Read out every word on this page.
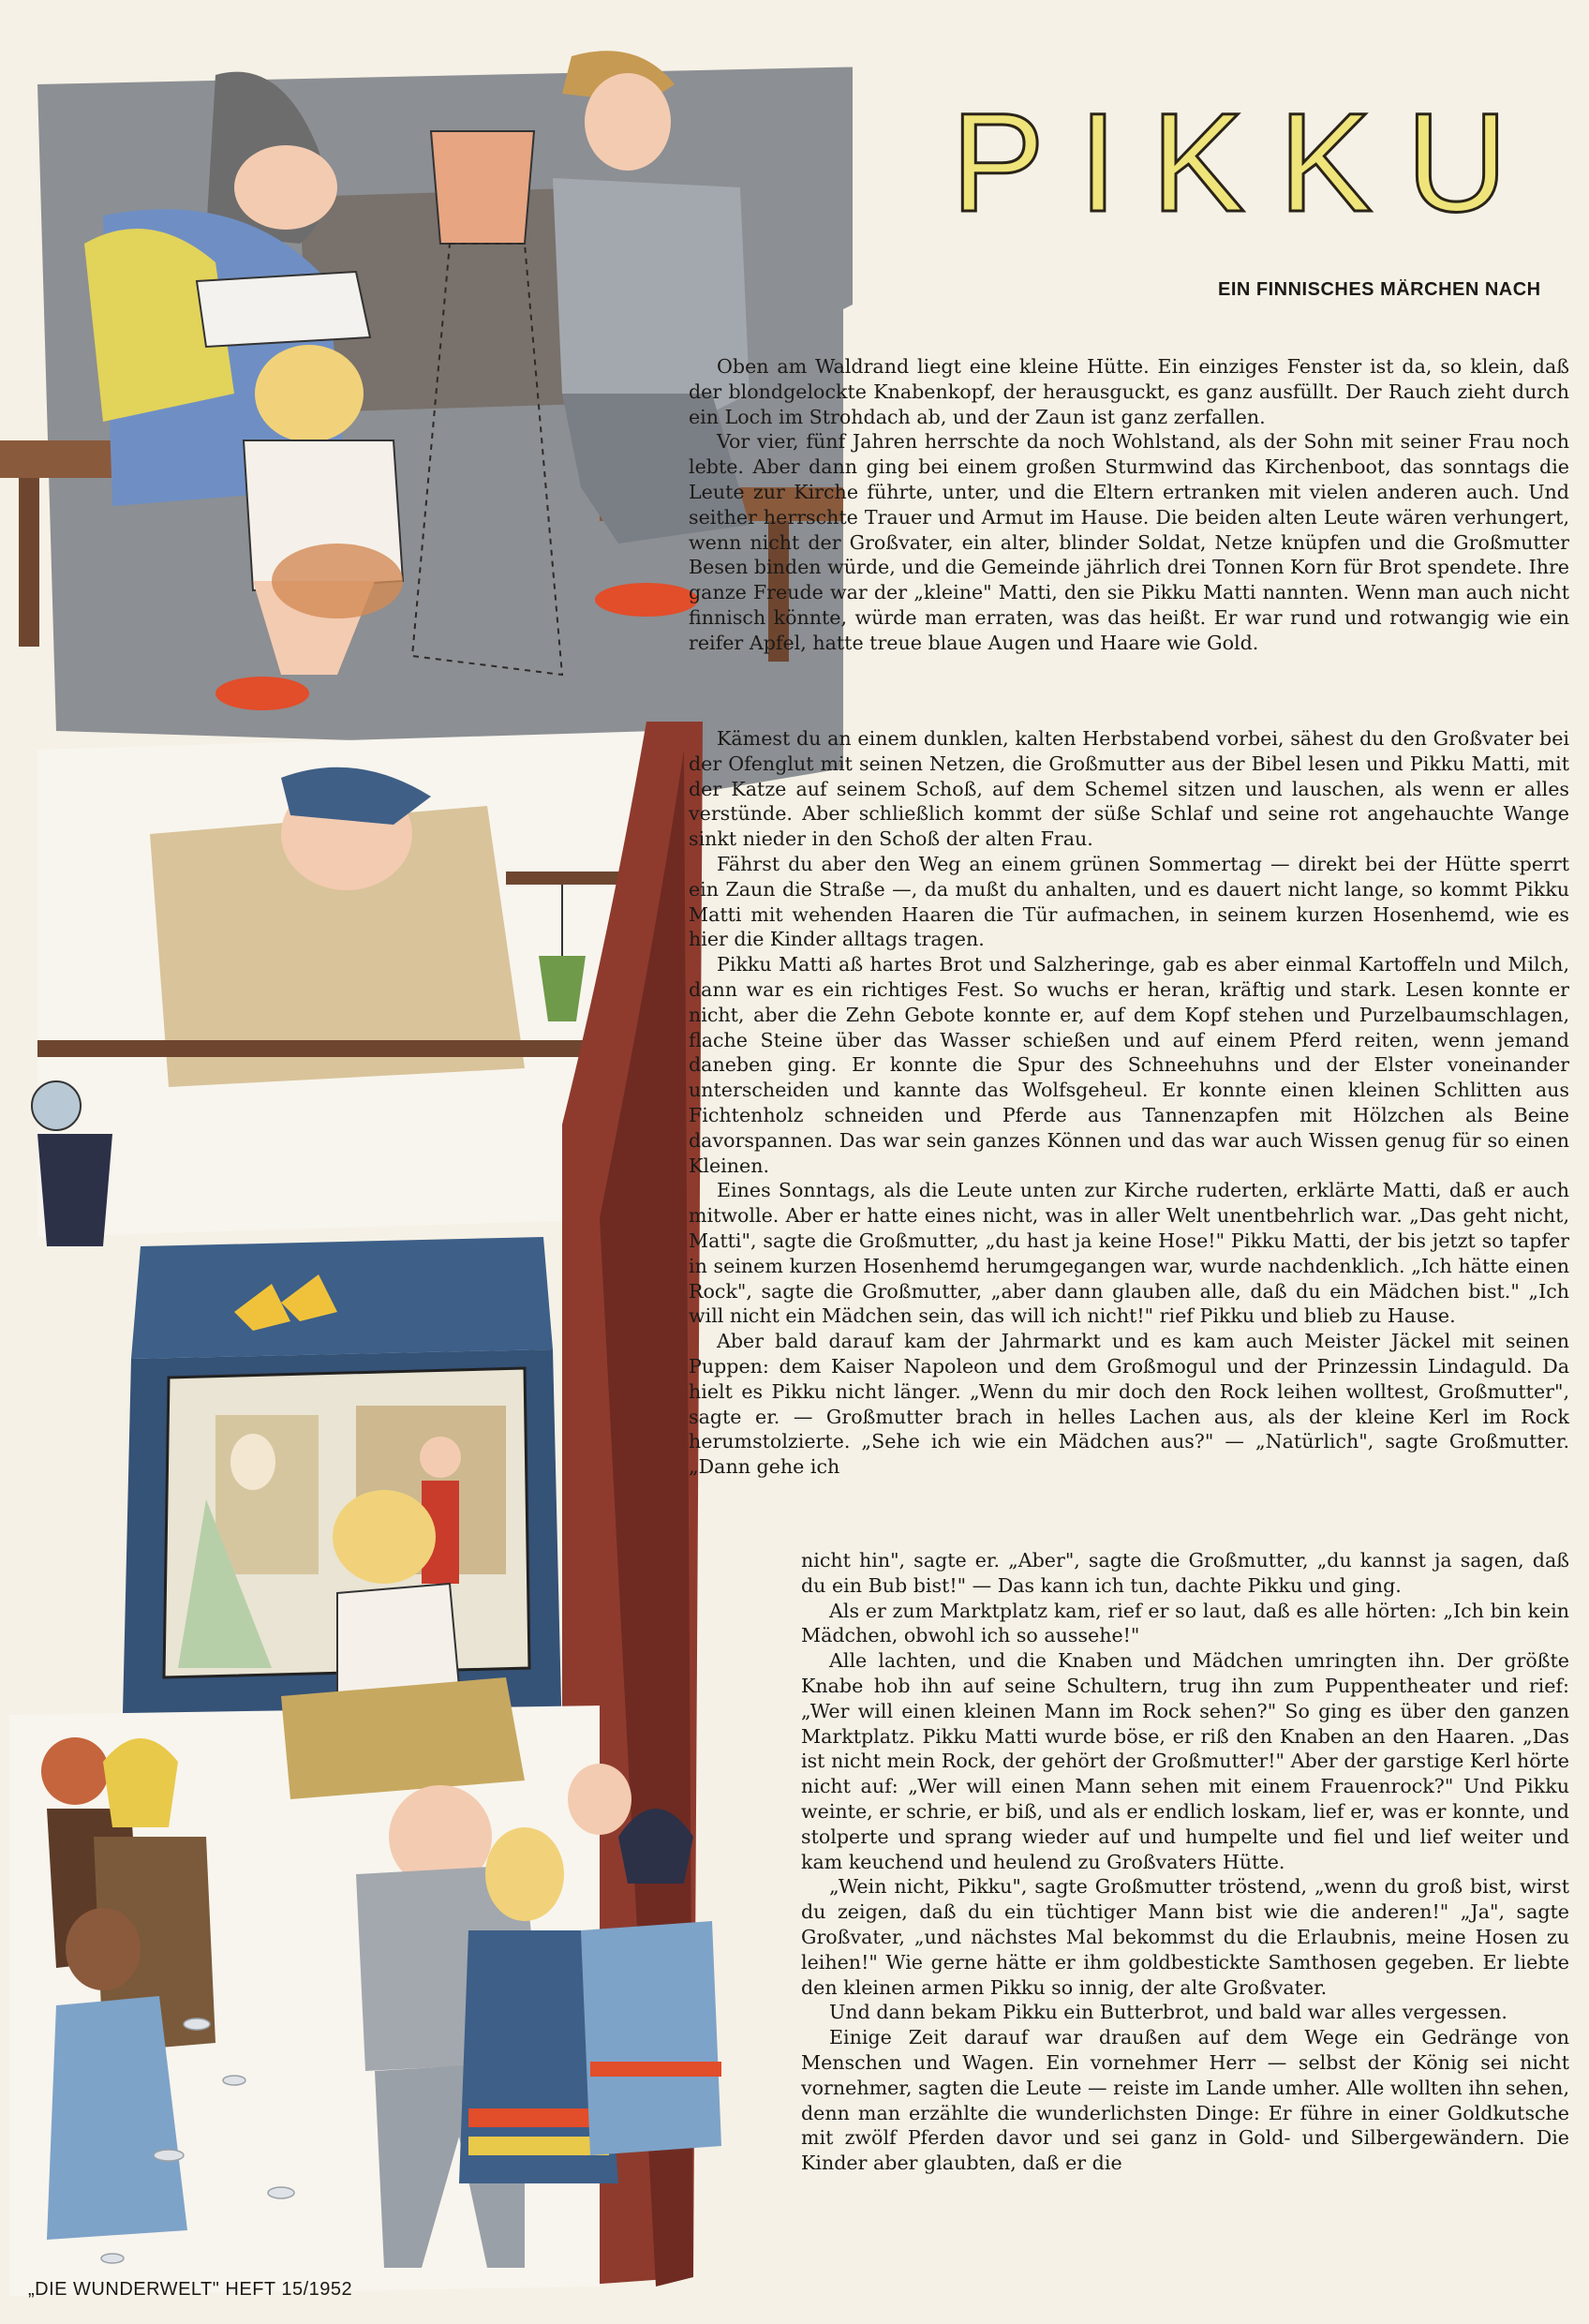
PIKKU
EIN FINNISCHES MÄRCHEN NACH

Oben am Waldrand liegt eine kleine Hütte. Ein einziges Fenster ist da, so klein, daß der blondgelockte Knabenkopf, der herausguckt, es ganz ausfüllt. Der Rauch zieht durch ein Loch im Strohdach ab, und der Zaun ist ganz zerfallen.

Vor vier, fünf Jahren herrschte da noch Wohlstand, als der Sohn mit seiner Frau noch lebte. Aber dann ging bei einem großen Sturmwind das Kirchenboot, das sonntags die Leute zur Kirche führte, unter, und die Eltern ertranken mit vielen anderen auch. Und seither herrschte Trauer und Armut im Hause. Die beiden alten Leute wären verhungert, wenn nicht der Großvater, ein alter, blinder Soldat, Netze knüpfen und die Großmutter Besen binden würde, und die Gemeinde jährlich drei Tonnen Korn für Brot spendete. Ihre ganze Freude war der „kleine" Matti, den sie Pikku Matti nannten. Wenn man auch nicht finnisch könnte, würde man erraten, was das heißt. Er war rund und rotwangig wie ein reifer Apfel, hatte treue blaue Augen und Haare wie Gold.

Kämest du an einem dunklen, kalten Herbstabend vorbei, sähest du den Großvater bei der Ofenglut mit seinen Netzen, die Großmutter aus der Bibel lesen und Pikku Matti, mit der Katze auf seinem Schoß, auf dem Schemel sitzen und lauschen, als wenn er alles verstünde. Aber schließlich kommt der süße Schlaf und seine rot angehauchte Wange sinkt nieder in den Schoß der alten Frau.

Fährst du aber den Weg an einem grünen Sommertag — direkt bei der Hütte sperrt ein Zaun die Straße —, da mußt du anhalten, und es dauert nicht lange, so kommt Pikku Matti mit wehenden Haaren die Tür aufmachen, in seinem kurzen Hosenhemd, wie es hier die Kinder alltags tragen.

Pikku Matti aß hartes Brot und Salzheringe, gab es aber einmal Kartoffeln und Milch, dann war es ein richtiges Fest. So wuchs er heran, kräftig und stark. Lesen konnte er nicht, aber die Zehn Gebote konnte er, auf dem Kopf stehen und Purzelbaumschlagen, flache Steine über das Wasser schießen und auf einem Pferd reiten, wenn jemand daneben ging. Er konnte die Spur des Schneehuhns und der Elster voneinander unterscheiden und kannte das Wolfsgeheul. Er konnte einen kleinen Schlitten aus Fichtenholz schneiden und Pferde aus Tannenzapfen mit Hölzchen als Beine davorspannen. Das war sein ganzes Können und das war auch Wissen genug für so einen Kleinen.

Eines Sonntags, als die Leute unten zur Kirche ruderten, erklärte Matti, daß er auch mitwolle. Aber er hatte eines nicht, was in aller Welt unentbehrlich war. „Das geht nicht, Matti", sagte die Großmutter, „du hast ja keine Hose!" Pikku Matti, der bis jetzt so tapfer in seinem kurzen Hosenhemd herumgegangen war, wurde nachdenklich. „Ich hätte einen Rock", sagte die Großmutter, „aber dann glauben alle, daß du ein Mädchen bist." „Ich will nicht ein Mädchen sein, das will ich nicht!" rief Pikku und blieb zu Hause.

Aber bald darauf kam der Jahrmarkt und es kam auch Meister Jäckel mit seinen Puppen: dem Kaiser Napoleon und dem Großmogul und der Prinzessin Lindaguld. Da hielt es Pikku nicht länger. „Wenn du mir doch den Rock leihen wolltest, Großmutter", sagte er. — Großmutter brach in helles Lachen aus, als der kleine Kerl im Rock herumstolzierte. „Sehe ich wie ein Mädchen aus?" — „Natürlich", sagte Großmutter. „Dann gehe ich

nicht hin", sagte er. „Aber", sagte die Großmutter, „du kannst ja sagen, daß du ein Bub bist!" — Das kann ich tun, dachte Pikku und ging.

Als er zum Marktplatz kam, rief er so laut, daß es alle hörten: „Ich bin kein Mädchen, obwohl ich so aussehe!"

Alle lachten, und die Knaben und Mädchen umringten ihn. Der größte Knabe hob ihn auf seine Schultern, trug ihn zum Puppentheater und rief: „Wer will einen kleinen Mann im Rock sehen?" So ging es über den ganzen Marktplatz. Pikku Matti wurde böse, er riß den Knaben an den Haaren. „Das ist nicht mein Rock, der gehört der Großmutter!" Aber der garstige Kerl hörte nicht auf: „Wer will einen Mann sehen mit einem Frauenrock?" Und Pikku weinte, er schrie, er biß, und als er endlich loskam, lief er, was er konnte, und stolperte und sprang wieder auf und humpelte und fiel und lief weiter und kam keuchend und heulend zu Großvaters Hütte.

„Wein nicht, Pikku", sagte Großmutter tröstend, „wenn du groß bist, wirst du zeigen, daß du ein tüchtiger Mann bist wie die anderen!" „Ja", sagte Großvater, „und nächstes Mal bekommst du die Erlaubnis, meine Hosen zu leihen!" Wie gerne hätte er ihm goldbestickte Samthosen gegeben. Er liebte den kleinen armen Pikku so innig, der alte Großvater.

Und dann bekam Pikku ein Butterbrot, und bald war alles vergessen.

Einige Zeit darauf war draußen auf dem Wege ein Gedränge von Menschen und Wagen. Ein vornehmer Herr — selbst der König sei nicht vornehmer, sagten die Leute — reiste im Lande umher. Alle wollten ihn sehen, denn man erzählte die wunderlichsten Dinge: Er führe in einer Goldkutsche mit zwölf Pferden davor und sei ganz in Gold- und Silbergewändern. Die Kinder aber glaubten, daß er die

„DIE WUNDERWELT" HEFT 15/1952
